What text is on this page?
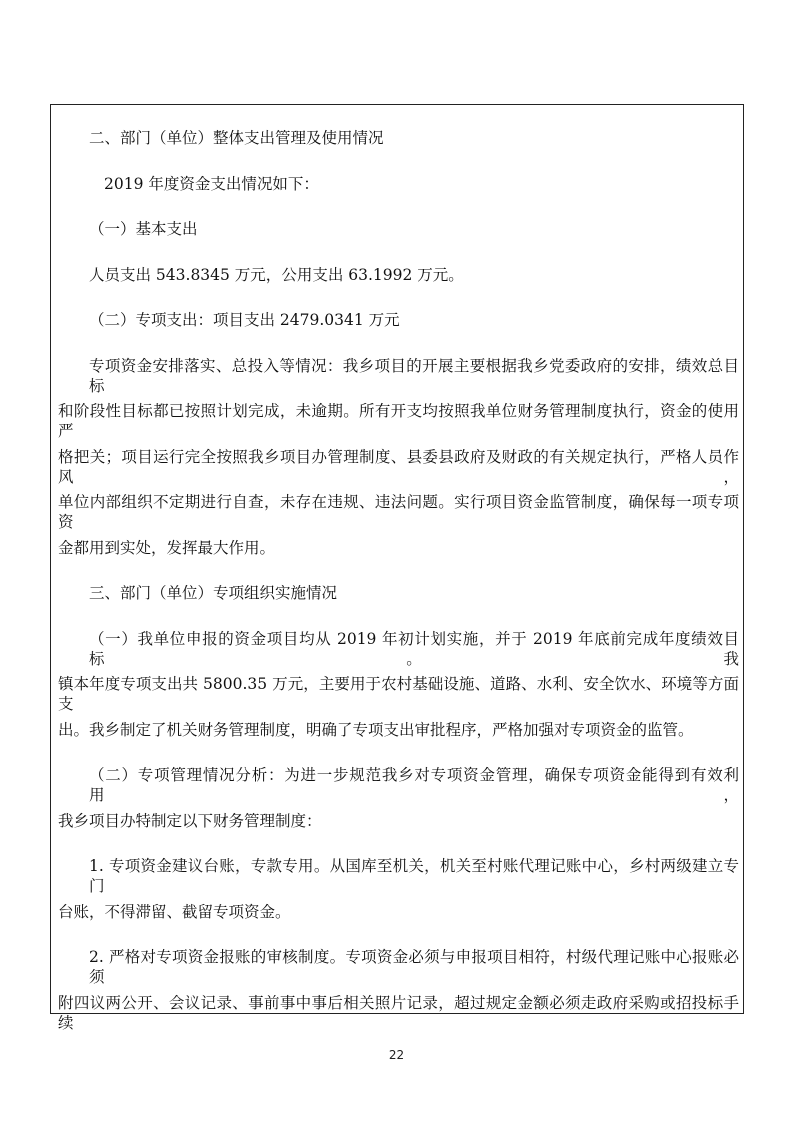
二、部门（单位）整体支出管理及使用情况
2019 年度资金支出情况如下：
（一）基本支出
人员支出 543.8345 万元，公用支出 63.1992 万元。
（二）专项支出：项目支出 2479.0341 万元
专项资金安排落实、总投入等情况：我乡项目的开展主要根据我乡党委政府的安排，绩效总目标
和阶段性目标都已按照计划完成，未逾期。所有开支均按照我单位财务管理制度执行，资金的使用严
格把关；项目运行完全按照我乡项目办管理制度、县委县政府及财政的有关规定执行，严格人员作风，
单位内部组织不定期进行自查，未存在违规、违法问题。实行项目资金监管制度，确保每一项专项资
金都用到实处，发挥最大作用。
三、部门（单位）专项组织实施情况
（一）我单位申报的资金项目均从 2019 年初计划实施，并于 2019 年底前完成年度绩效目标。我
镇本年度专项支出共 5800.35 万元，主要用于农村基础设施、道路、水利、安全饮水、环境等方面支
出。我乡制定了机关财务管理制度，明确了专项支出审批程序，严格加强对专项资金的监管。
（二）专项管理情况分析：为进一步规范我乡对专项资金管理，确保专项资金能得到有效利用，
我乡项目办特制定以下财务管理制度：
1. 专项资金建议台账，专款专用。从国库至机关，机关至村账代理记账中心，乡村两级建立专门
台账，不得滞留、截留专项资金。
2. 严格对专项资金报账的审核制度。专项资金必须与申报项目相符，村级代理记账中心报账必须
附四议两公开、会议记录、事前事中事后相关照片记录，超过规定金额必须走政府采购或招投标手续
22
